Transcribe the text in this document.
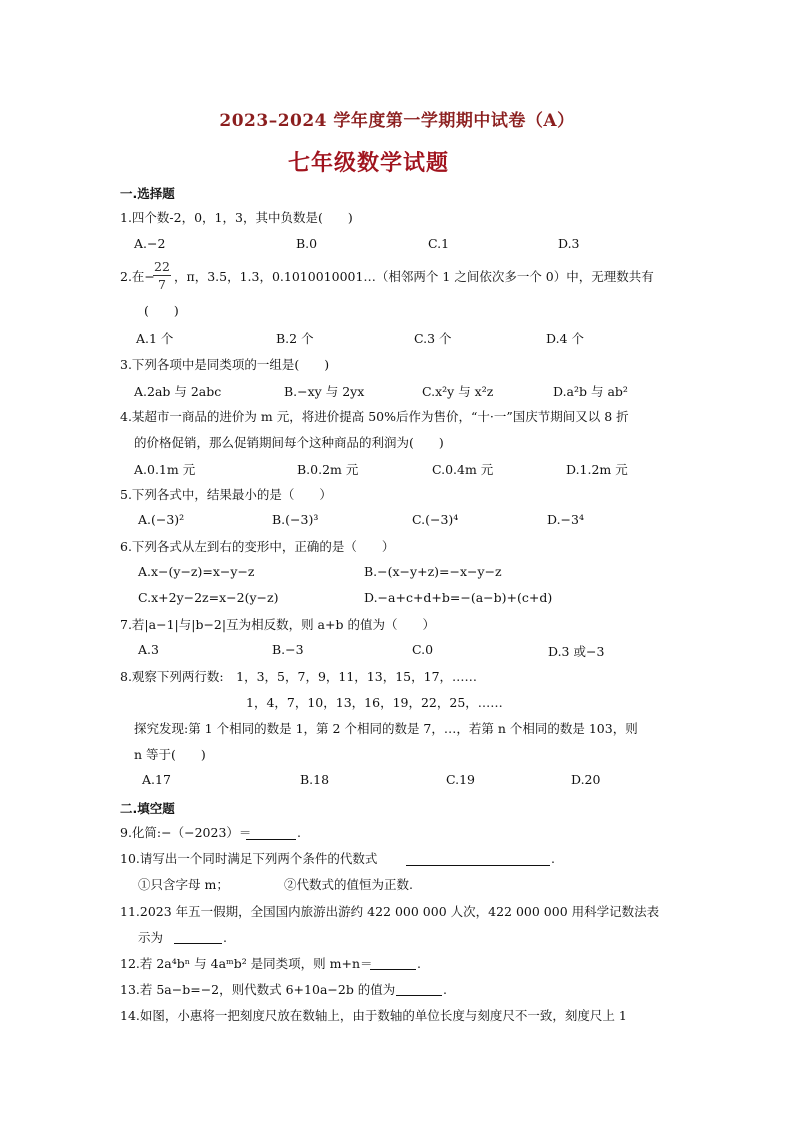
2023–2024 学年度第一学期期中试卷（A）
七年级数学试题
一.选择题
1.四个数-2，0，1，3，其中负数是(　　)
A.−2	B.0	C.1	D.3
2.在−
22
7
，π，3.5，1.3，0.1010010001…（相邻两个 1 之间依次多一个 0）中，无理数共有
(　　)
A.1 个	B.2 个	C.3 个	D.4 个
3.下列各项中是同类项的一组是(　　)
A.2ab 与 2abc	B.−xy 与 2yx	C.x²y 与 x²z	D.a²b 与 ab²
4.某超市一商品的进价为 m 元，将进价提高 50%后作为售价，“十·一”国庆节期间又以 8 折
的价格促销，那么促销期间每个这种商品的利润为(　　)
A.0.1m 元	B.0.2m 元	C.0.4m 元	D.1.2m 元
5.下列各式中，结果最小的是（　　）
A.(−3)²	B.(−3)³	C.(−3)⁴	D.−3⁴
6.下列各式从左到右的变形中，正确的是（　　）
A.x−(y−z)=x−y−z	B.−(x−y+z)=−x−y−z
C.x+2y−2z=x−2(y−z)	D.−a+c+d+b=−(a−b)+(c+d)
7.若|a−1|与|b−2|互为相反数，则 a+b 的值为（　　）
A.3	B.−3	C.0	D.3 或−3
8.观察下列两行数:　1，3，5，7，9，11，13，15，17，……
1，4，7，10，13，16，19，22，25，……
探究发现:第 1 个相同的数是 1，第 2 个相同的数是 7，…，若第 n 个相同的数是 103，则
n 等于(　　)
A.17	B.18	C.19	D.20
二.填空题
9.化简:−（−2023）＝	.
10.请写出一个同时满足下列两个条件的代数式	.
①只含字母 m；	②代数式的值恒为正数.
11.2023 年五一假期，全国国内旅游出游约 422 000 000 人次，422 000 000 用科学记数法表
示为	.
12.若 2a⁴bⁿ 与 4aᵐb² 是同类项，则 m+n＝	.
13.若 5a−b=−2，则代数式 6+10a−2b 的值为	.
14.如图，小惠将一把刻度尺放在数轴上，由于数轴的单位长度与刻度尺不一致，刻度尺上 1
